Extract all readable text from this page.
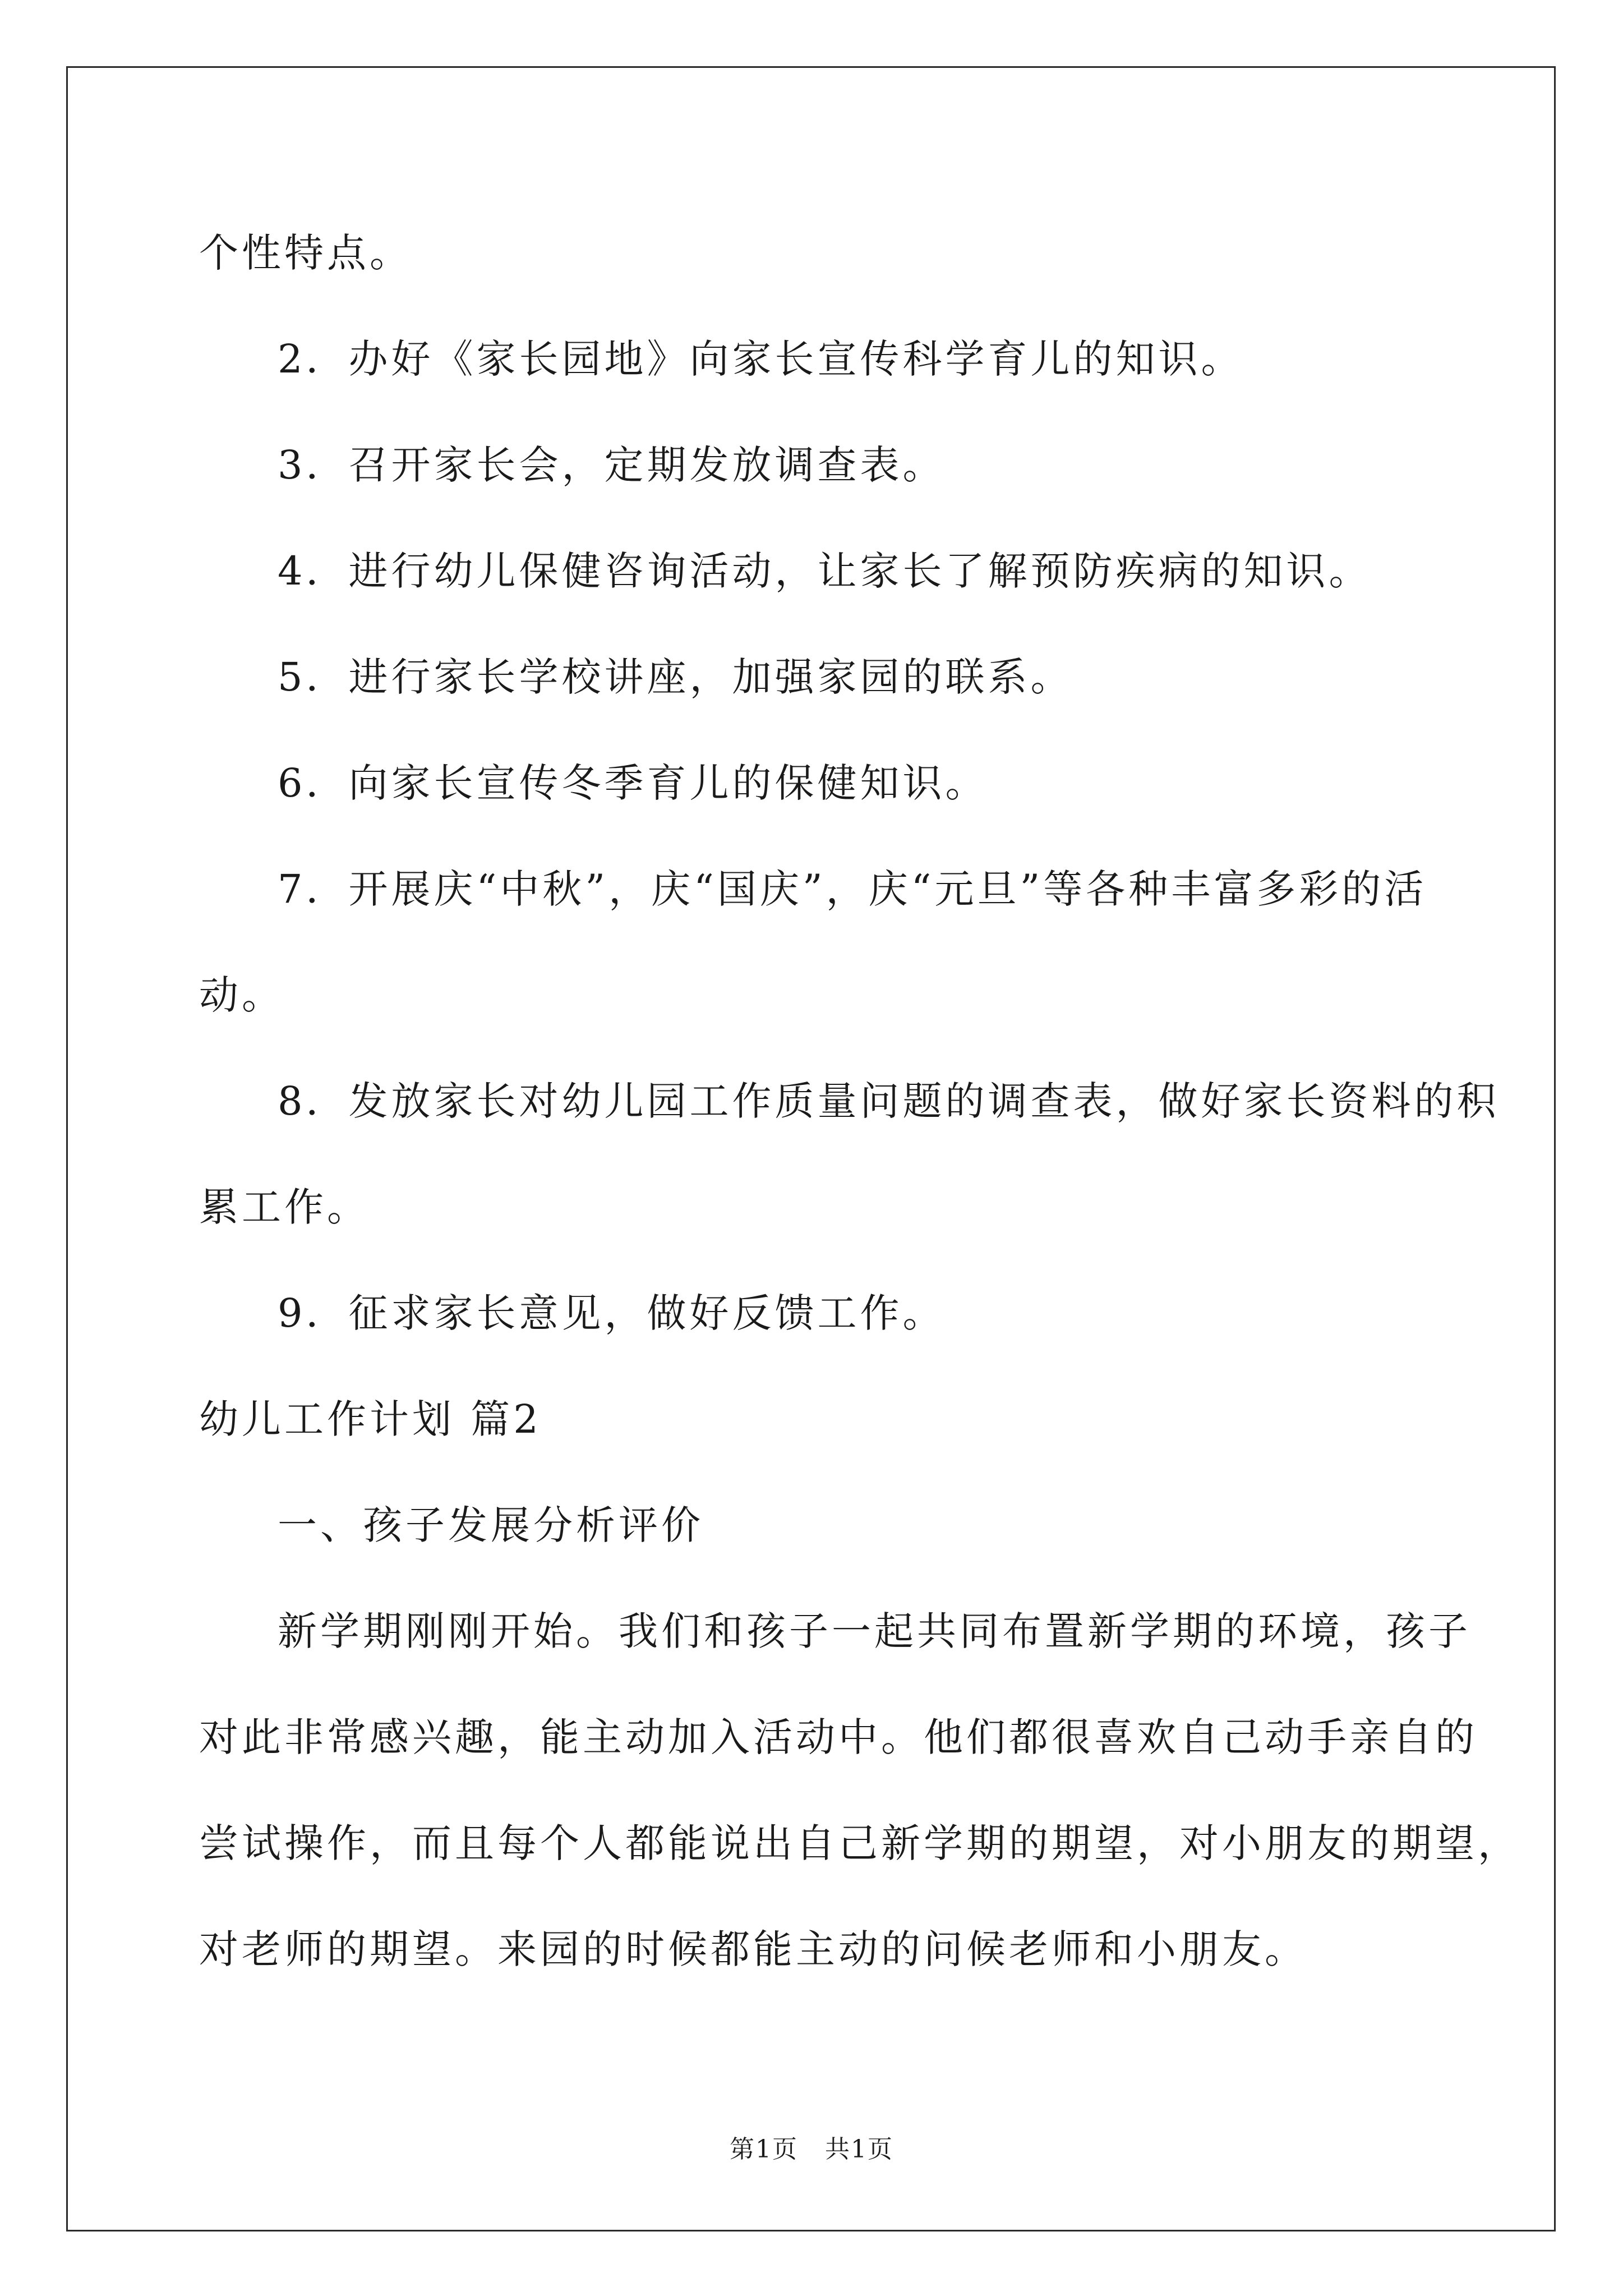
个性特点。
2．办好《家长园地》向家长宣传科学育儿的知识。
3．召开家长会，定期发放调查表。
4．进行幼儿保健咨询活动，让家长了解预防疾病的知识。
5．进行家长学校讲座，加强家园的联系。
6．向家长宣传冬季育儿的保健知识。
7．开展庆“中秋”，庆“国庆”，庆“元旦”等各种丰富多彩的活
动。
8．发放家长对幼儿园工作质量问题的调查表，做好家长资料的积
累工作。
9．征求家长意见，做好反馈工作。
幼儿工作计划 篇2
一、孩子发展分析评价
新学期刚刚开始。我们和孩子一起共同布置新学期的环境，孩子
对此非常感兴趣，能主动加入活动中。他们都很喜欢自己动手亲自的
尝试操作，而且每个人都能说出自己新学期的期望，对小朋友的期望，
对老师的期望。来园的时候都能主动的问候老师和小朋友。
第1页   共1页
